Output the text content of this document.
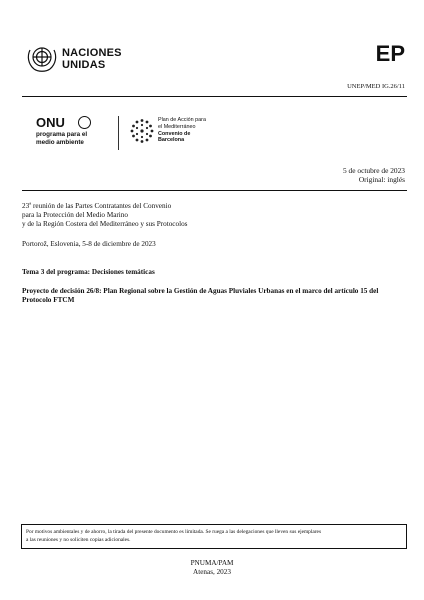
NACIONES
UNIDAS	EP
UNEP/MED IG.26/11
ONU
programa para el
medio ambiente
Plan de Acción para
el Mediterráneo
Convenio de
Barcelona
5 de octubre de 2023
Original: inglés
23$^a$ reunión de las Partes Contratantes del Convenio
para la Protección del Medio Marino
y de la Región Costera del Mediterráneo y sus Protocolos
Portorož, Eslovenia, 5-8 de diciembre de 2023
Tema 3 del programa: Decisiones temáticas
Proyecto de decisión 26/8: Plan Regional sobre la Gestión de Aguas Pluviales Urbanas en el marco del artículo 15 del Protocolo FTCM
Por motivos ambientales y de ahorro, la tirada del presente documento es limitada. Se ruega a las delegaciones que lleven sus ejemplares
a las reuniones y no soliciten copias adicionales.
PNUMA/PAM
Atenas, 2023
